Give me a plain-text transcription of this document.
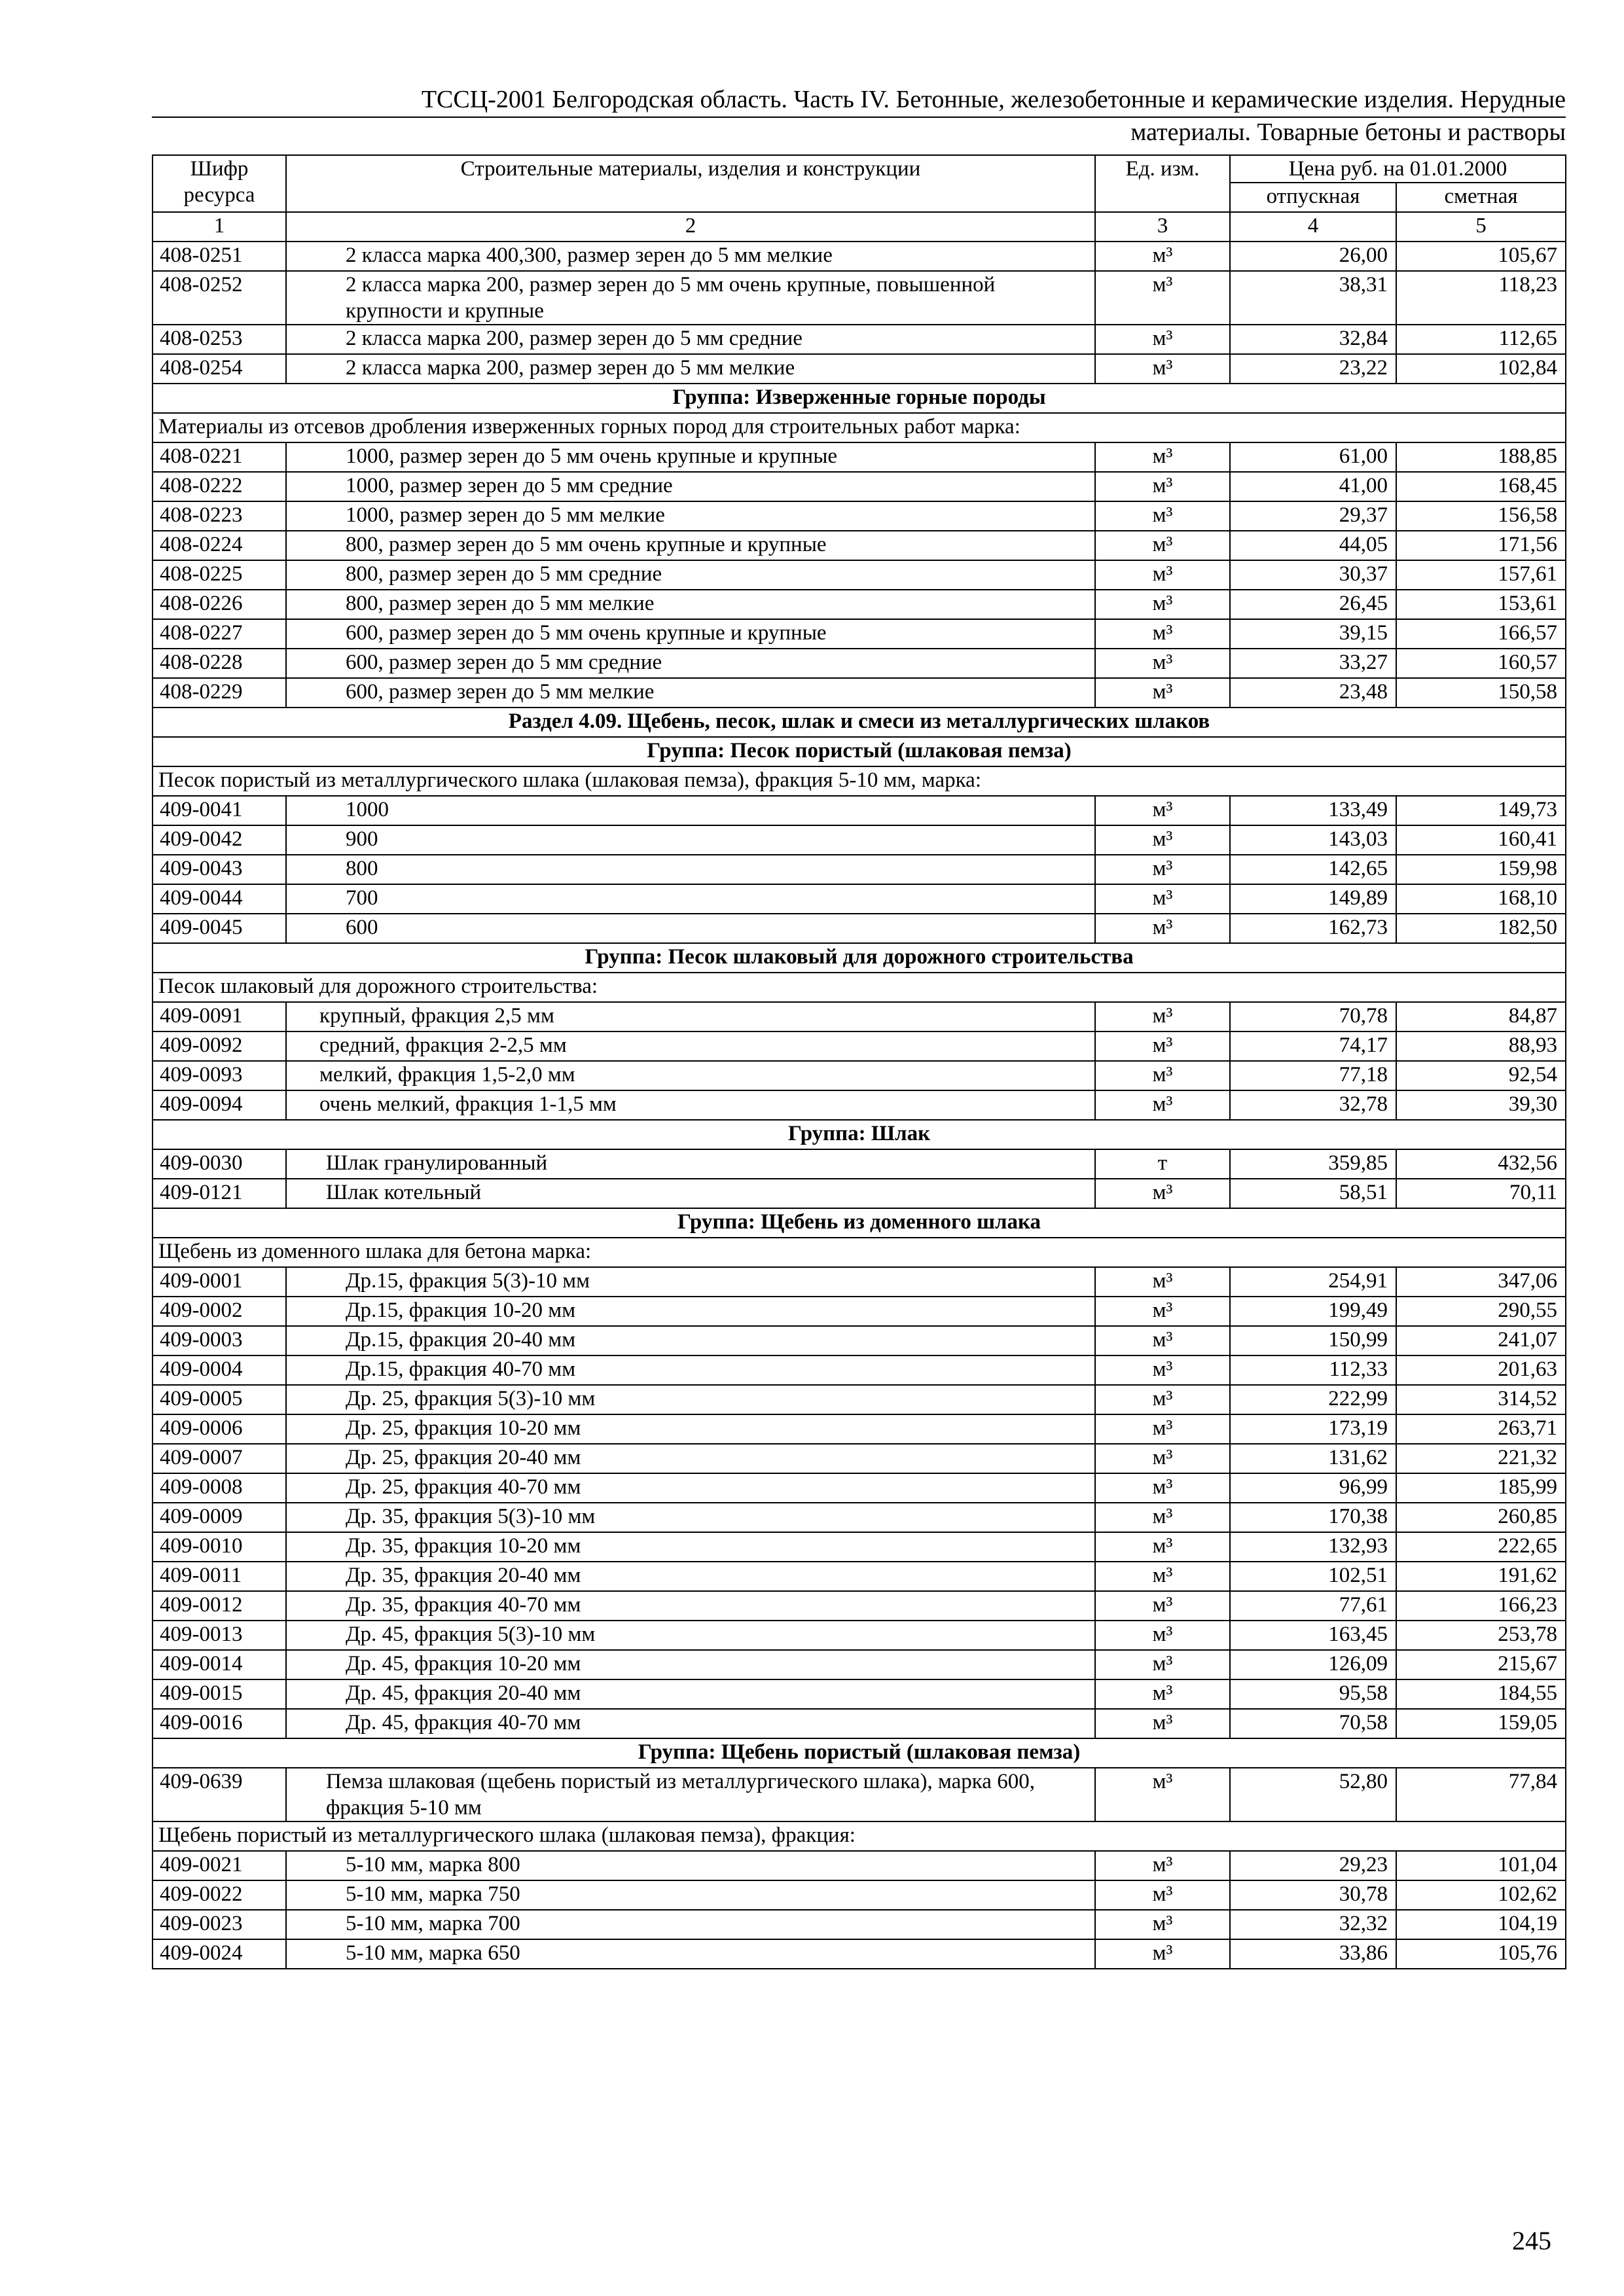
ТССЦ-2001 Белгородская область. Часть IV. Бетонные, железобетонные и керамические изделия. Нерудные
материалы. Товарные бетоны и растворы
Шифр ресурса	Строительные материалы, изделия и конструкции	Ед. изм.	Цена руб. на 01.01.2000	
			отпускная	сметная
1	2	3	4	5
408-0251	2 класса марка 400,300, размер зерен до 5 мм мелкие	м³	26,00	105,67
408-0252	2 класса марка 200, размер зерен до 5 мм очень крупные, повышенной крупности и крупные	м³	38,31	118,23
408-0253	2 класса марка 200, размер зерен до 5 мм средние	м³	32,84	112,65
408-0254	2 класса марка 200, размер зерен до 5 мм мелкие	м³	23,22	102,84
Группа: Изверженные горные породы				
Материалы из отсевов дробления изверженных горных пород для строительных работ марка:				
408-0221	1000, размер зерен до 5 мм очень крупные и крупные	м³	61,00	188,85
408-0222	1000, размер зерен до 5 мм средние	м³	41,00	168,45
408-0223	1000, размер зерен до 5 мм мелкие	м³	29,37	156,58
408-0224	800, размер зерен до 5 мм очень крупные и крупные	м³	44,05	171,56
408-0225	800, размер зерен до 5 мм средние	м³	30,37	157,61
408-0226	800, размер зерен до 5 мм мелкие	м³	26,45	153,61
408-0227	600, размер зерен до 5 мм очень крупные и крупные	м³	39,15	166,57
408-0228	600, размер зерен до 5 мм средние	м³	33,27	160,57
408-0229	600, размер зерен до 5 мм мелкие	м³	23,48	150,58
Раздел 4.09. Щебень, песок, шлак и смеси из металлургических шлаков				
Группа: Песок пористый (шлаковая пемза)				
Песок пористый из металлургического шлака (шлаковая пемза), фракция 5-10 мм, марка:				
409-0041	1000	м³	133,49	149,73
409-0042	900	м³	143,03	160,41
409-0043	800	м³	142,65	159,98
409-0044	700	м³	149,89	168,10
409-0045	600	м³	162,73	182,50
Группа: Песок шлаковый для дорожного строительства				
Песок шлаковый для дорожного строительства:				
409-0091	крупный, фракция 2,5 мм	м³	70,78	84,87
409-0092	средний, фракция 2-2,5 мм	м³	74,17	88,93
409-0093	мелкий, фракция 1,5-2,0 мм	м³	77,18	92,54
409-0094	очень мелкий, фракция 1-1,5 мм	м³	32,78	39,30
Группа: Шлак				
409-0030	Шлак гранулированный	т	359,85	432,56
409-0121	Шлак котельный	м³	58,51	70,11
Группа: Щебень из доменного шлака				
Щебень из доменного шлака для бетона марка:				
409-0001	Др.15, фракция 5(3)-10 мм	м³	254,91	347,06
409-0002	Др.15, фракция 10-20 мм	м³	199,49	290,55
409-0003	Др.15, фракция 20-40 мм	м³	150,99	241,07
409-0004	Др.15, фракция 40-70 мм	м³	112,33	201,63
409-0005	Др. 25, фракция 5(3)-10 мм	м³	222,99	314,52
409-0006	Др. 25, фракция 10-20 мм	м³	173,19	263,71
409-0007	Др. 25, фракция 20-40 мм	м³	131,62	221,32
409-0008	Др. 25, фракция 40-70 мм	м³	96,99	185,99
409-0009	Др. 35, фракция 5(3)-10 мм	м³	170,38	260,85
409-0010	Др. 35, фракция 10-20 мм	м³	132,93	222,65
409-0011	Др. 35, фракция 20-40 мм	м³	102,51	191,62
409-0012	Др. 35, фракция 40-70 мм	м³	77,61	166,23
409-0013	Др. 45, фракция 5(3)-10 мм	м³	163,45	253,78
409-0014	Др. 45, фракция 10-20 мм	м³	126,09	215,67
409-0015	Др. 45, фракция 20-40 мм	м³	95,58	184,55
409-0016	Др. 45, фракция 40-70 мм	м³	70,58	159,05
Группа: Щебень пористый (шлаковая пемза)				
409-0639	Пемза шлаковая (щебень пористый из металлургического шлака), марка 600, фракция 5-10 мм	м³	52,80	77,84
Щебень пористый из металлургического шлака (шлаковая пемза), фракция:				
409-0021	5-10 мм, марка 800	м³	29,23	101,04
409-0022	5-10 мм, марка 750	м³	30,78	102,62
409-0023	5-10 мм, марка 700	м³	32,32	104,19
409-0024	5-10 мм, марка 650	м³	33,86	105,76
245
